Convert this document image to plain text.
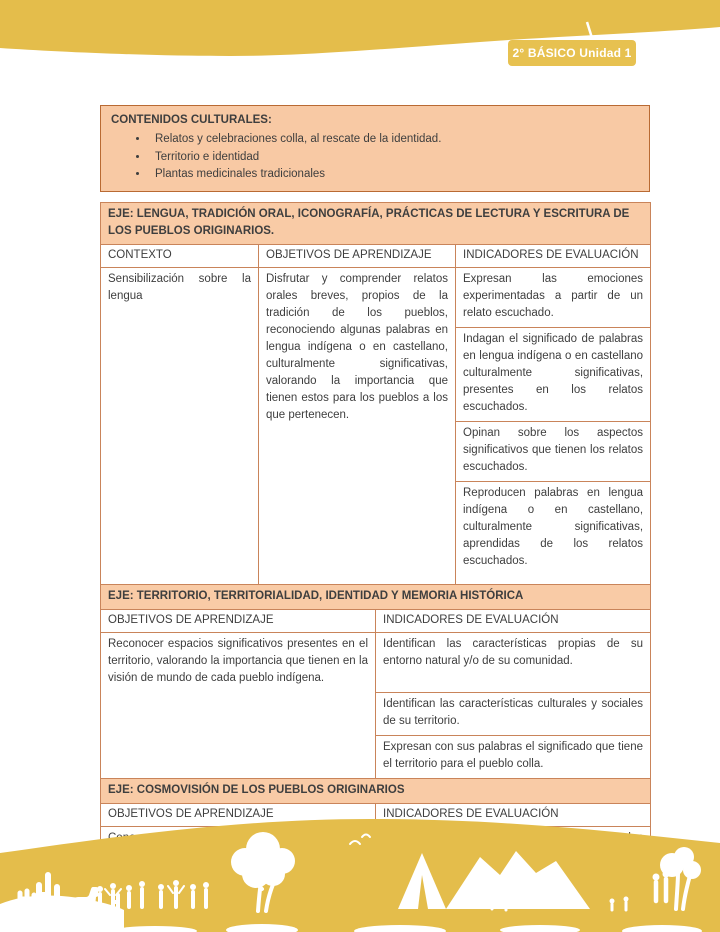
2° BÁSICO Unidad 1
CONTENIDOS CULTURALES:
• Relatos y celebraciones colla, al rescate de la identidad.
• Territorio e identidad
• Plantas medicinales tradicionales
EJE: LENGUA, TRADICIÓN ORAL, ICONOGRAFÍA, PRÁCTICAS DE LECTURA Y ESCRITURA DE LOS PUEBLOS ORIGINARIOS.		
CONTEXTO	OBJETIVOS DE APRENDIZAJE	INDICADORES DE EVALUACIÓN
Sensibilización sobre la lengua	Disfrutar y comprender relatos orales breves, propios de la tradición de los pueblos, reconociendo algunas palabras en lengua indígena o en castellano, culturalmente significativas, valorando la importancia que tienen estos para los pueblos a los que pertenecen.	Expresan las emociones experimentadas a partir de un relato escuchado.
		Indagan el significado de palabras en lengua indígena o en castellano culturalmente significativas, presentes en los relatos escuchados.
		Opinan sobre los aspectos significativos que tienen los relatos escuchados.
		Reproducen palabras en lengua indígena o en castellano, culturalmente significativas, aprendidas de los relatos escuchados.
EJE: TERRITORIO, TERRITORIALIDAD, IDENTIDAD Y MEMORIA HISTÓRICA	
OBJETIVOS DE APRENDIZAJE	INDICADORES DE EVALUACIÓN
Reconocer espacios significativos presentes en el territorio, valorando la importancia que tienen en la visión de mundo de cada pueblo indígena.	Identifican las características propias de su entorno natural y/o de su comunidad.
	Identifican las características culturales y sociales de su territorio.
	Expresan con sus palabras el significado que tiene el territorio para el pueblo colla.
EJE: COSMOVISIÓN DE LOS PUEBLOS ORIGINARIOS	
OBJETIVOS DE APRENDIZAJE	INDICADORES DE EVALUACIÓN
